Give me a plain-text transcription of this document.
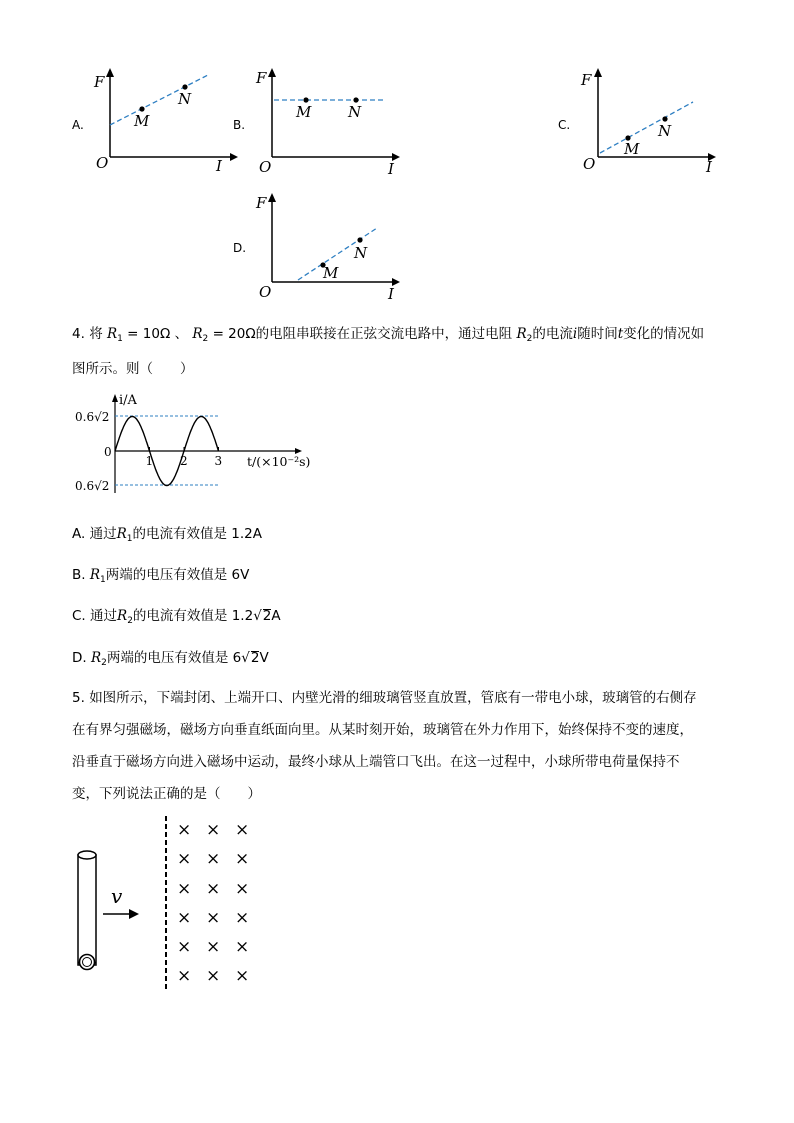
A.
F
O	I
M
N
B.
F
O	I
M N
C.
F
O	I
M
N
D.
F
O	I
M
N
4. 将 $R_1 = 10\Omega$ 、 $R_2 = 20\Omega$的电阻串联接在正弦交流电路中，通过电阻 $R_2$的电流i随时间t变化的情况如
图所示。则（　　）
i/A
0.6√2
0.6√2
0
1 2 3 t/(×10⁻²s)
A. 通过$R_1$的电流有效值是 1.2A
B. $R_1$两端的电压有效值是 6V
C. 通过$R_2$的电流有效值是 1.2√2A
D. $R_2$两端的电压有效值是 6√2V
5. 如图所示，下端封闭、上端开口、内壁光滑的细玻璃管竖直放置，管底有一带电小球，玻璃管的右侧存
在有界匀强磁场，磁场方向垂直纸面向里。从某时刻开始，玻璃管在外力作用下，始终保持不变的速度，
沿垂直于磁场方向进入磁场中运动，最终小球从上端管口飞出。在这一过程中，小球所带电荷量保持不
变，下列说法正确的是（　　）
v
× × ×
× × ×
× × ×
× × ×
× × ×
× × ×
